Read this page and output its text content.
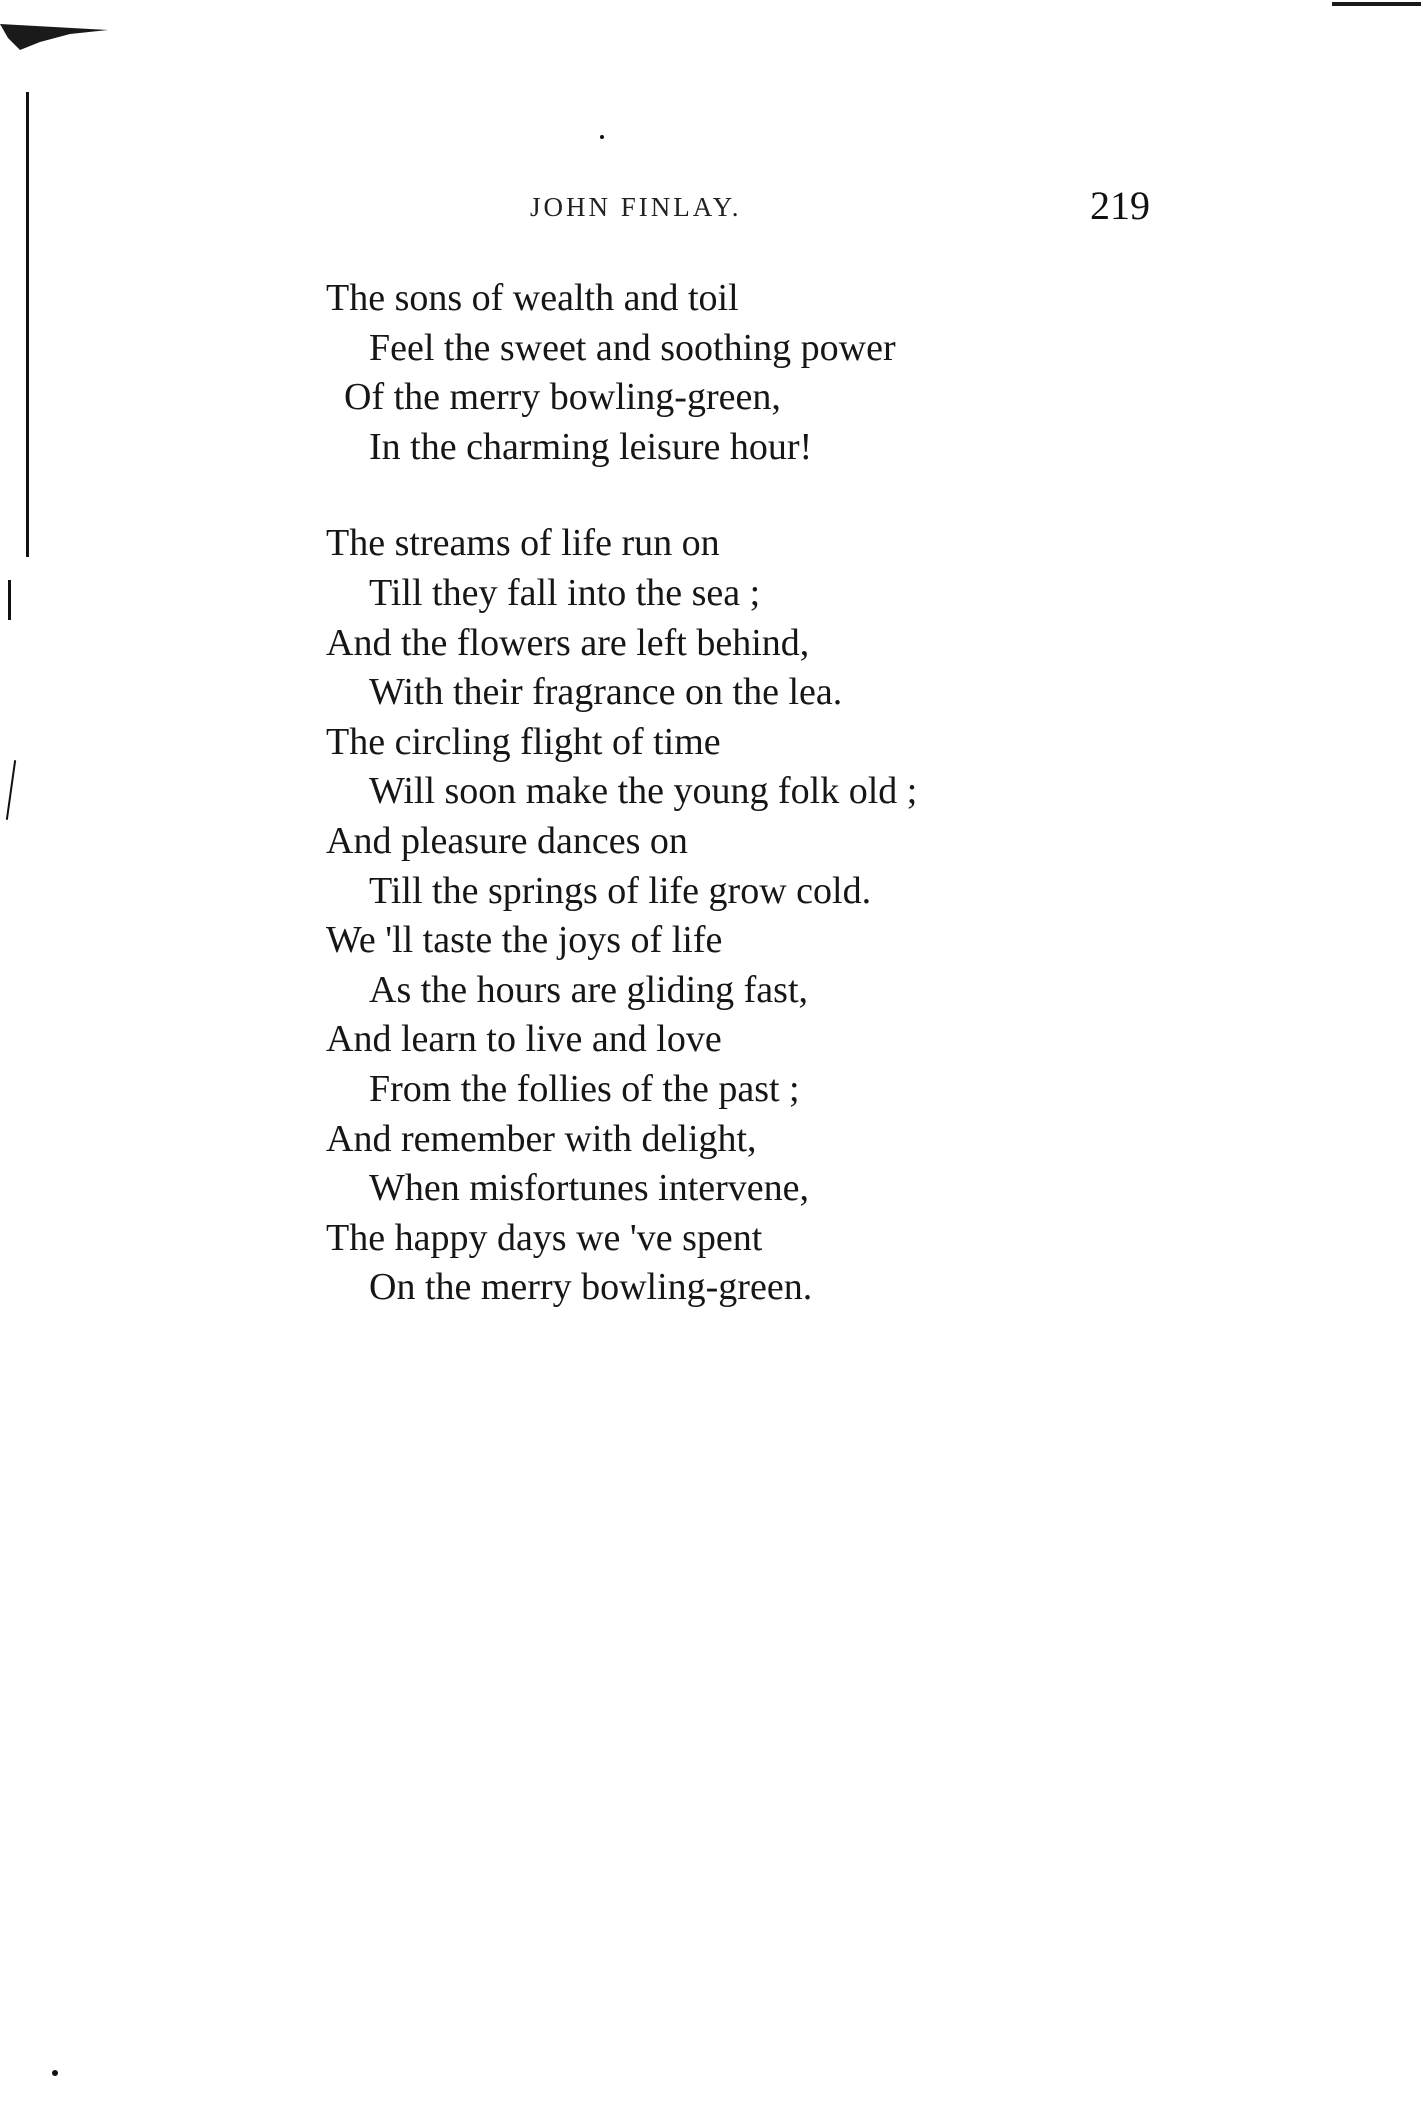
JOHN FINLAY.	219
The sons of wealth and toil
Feel the sweet and soothing power
Of the merry bowling-green,
In the charming leisure hour!
The streams of life run on
Till they fall into the sea ;
And the flowers are left behind,
With their fragrance on the lea.
The circling flight of time
Will soon make the young folk old ;
And pleasure dances on
Till the springs of life grow cold.
We 'll taste the joys of life
As the hours are gliding fast,
And learn to live and love
From the follies of the past ;
And remember with delight,
When misfortunes intervene,
The happy days we 've spent
On the merry bowling-green.
